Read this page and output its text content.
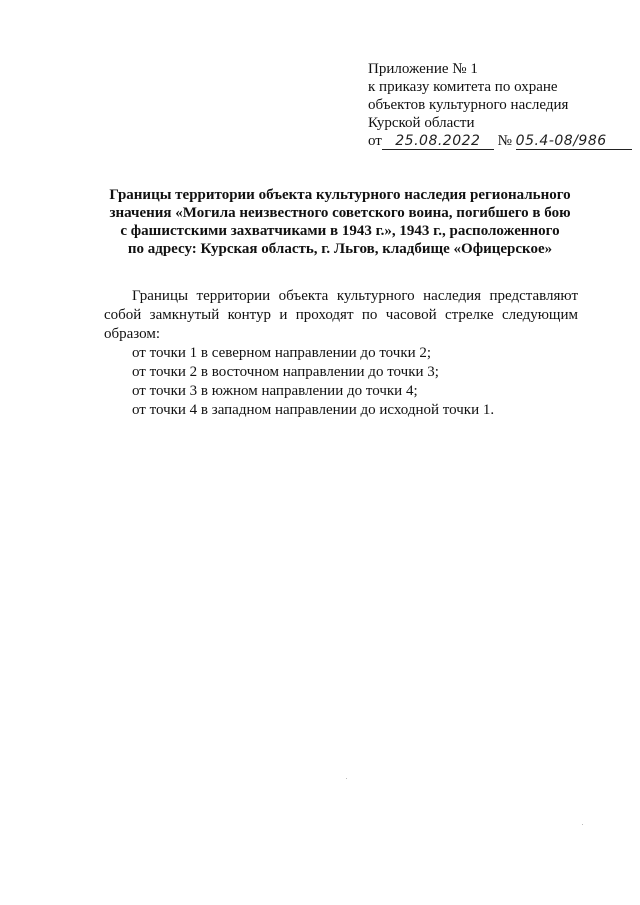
Приложение № 1
к приказу комитета по охране
объектов культурного наследия
Курской области
от 25.08.2022 № 05.4-08/986
Границы территории объекта культурного наследия регионального
значения «Могила неизвестного советского воина, погибшего в бою
с фашистскими захватчиками в 1943 г.», 1943 г., расположенного
по адресу: Курская область, г. Льгов, кладбище «Офицерское»
Границы территории объекта культурного наследия представляют
собой замкнутый контур и проходят по часовой стрелке следующим
образом:
от точки 1 в северном направлении до точки 2;
от точки 2 в восточном направлении до точки 3;
от точки 3 в южном направлении до точки 4;
от точки 4 в западном направлении до исходной точки 1.
